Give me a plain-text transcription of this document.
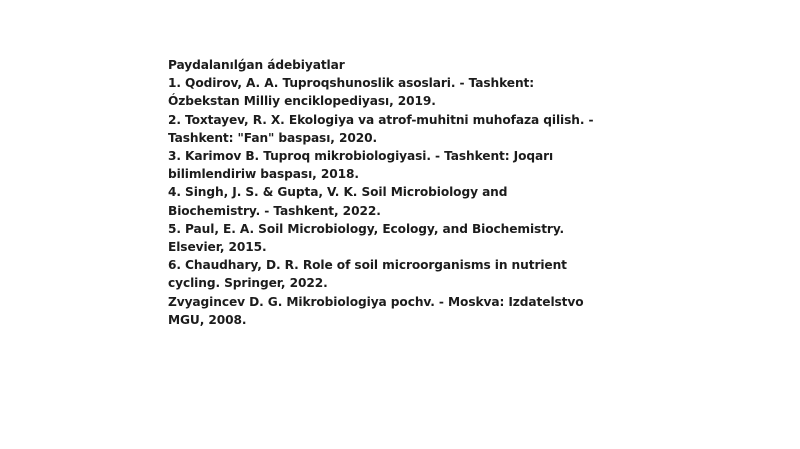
Paydalanılǵan ádebiyatlar
1. Qodirov, A. A. Tuproqshunoslik asoslari. - Tashkent:
Ózbekstan Milliy enciklopediyası, 2019.
2. Toxtayev, R. X. Ekologiya va atrof-muhitni muhofaza qilish. -
Tashkent: "Fan" baspası, 2020.
3. Karimov B. Tuproq mikrobiologiyasi. - Tashkent: Joqarı
bilimlendiriw baspası, 2018.
4. Singh, J. S. & Gupta, V. K. Soil Microbiology and
Biochemistry. - Tashkent, 2022.
5. Paul, E. A. Soil Microbiology, Ecology, and Biochemistry.
Elsevier, 2015.
6. Chaudhary, D. R. Role of soil microorganisms in nutrient
cycling. Springer, 2022.
Zvyagincev D. G. Mikrobiologiya pochv. - Moskva: Izdatelstvo
MGU, 2008.
